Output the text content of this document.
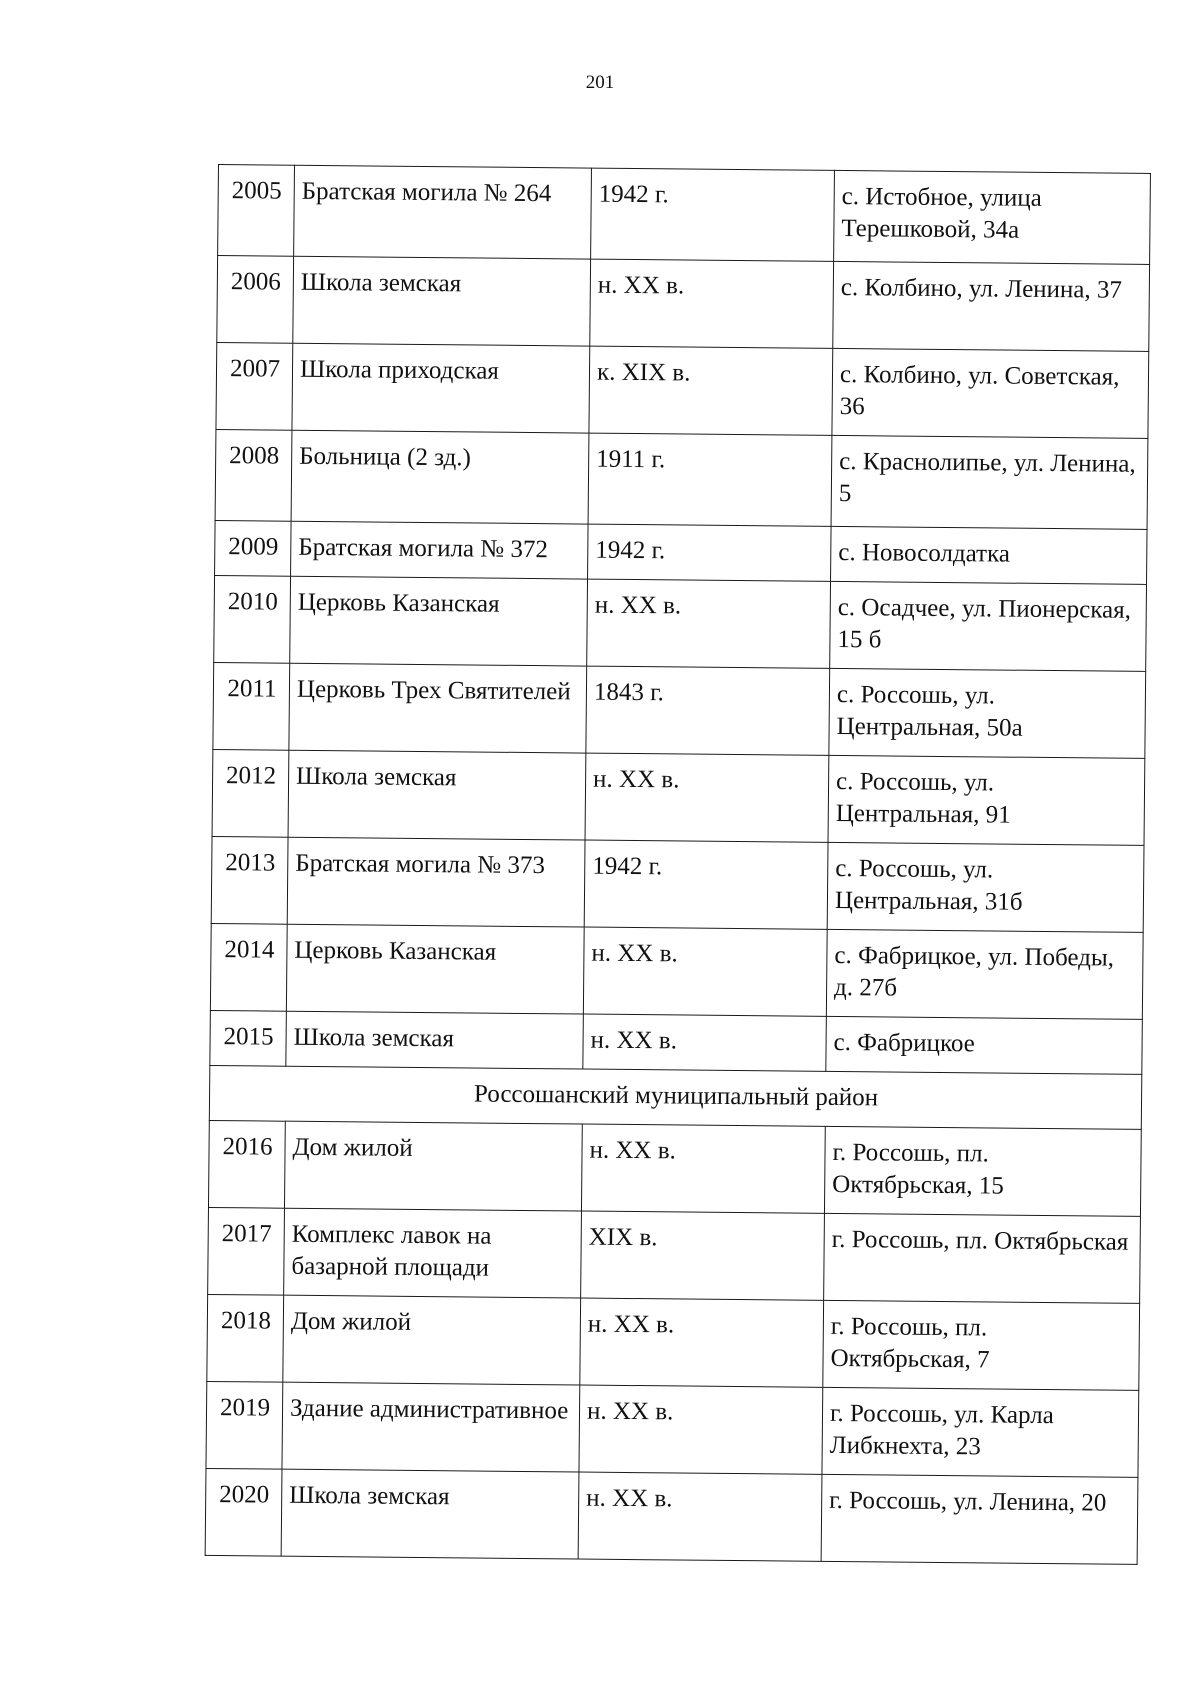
201
2005	Братская могила № 264	1942 г.	с. Истобное, улица Терешковой, 34а
2006	Школа земская	н. XX в.	с. Колбино, ул. Ленина, 37
2007	Школа приходская	к. XIX в.	с. Колбино, ул. Советская, 36
2008	Больница (2 зд.)	1911 г.	с. Краснолипье, ул. Ленина, 5
2009	Братская могила № 372	1942 г.	с. Новосолдатка
2010	Церковь Казанская	н. XX в.	с. Осадчее, ул. Пионерская, 15 б
2011	Церковь Трех Святителей	1843 г.	с. Россошь, ул. Центральная, 50а
2012	Школа земская	н. XX в.	с. Россошь, ул. Центральная, 91
2013	Братская могила № 373	1942 г.	с. Россошь, ул. Центральная, 31б
2014	Церковь Казанская	н. XX в.	с. Фабрицкое, ул. Победы, д. 27б
2015	Школа земская	н. XX в.	с. Фабрицкое
Россошанский муниципальный район			
2016	Дом жилой	н. XX в.	г. Россошь, пл. Октябрьская, 15
2017	Комплекс лавок на базарной площади	XIX в.	г. Россошь, пл. Октябрьская
2018	Дом жилой	н. XX в.	г. Россошь, пл. Октябрьская, 7
2019	Здание административное	н. XX в.	г. Россошь, ул. Карла Либкнехта, 23
2020	Школа земская	н. XX в.	г. Россошь, ул. Ленина, 20
